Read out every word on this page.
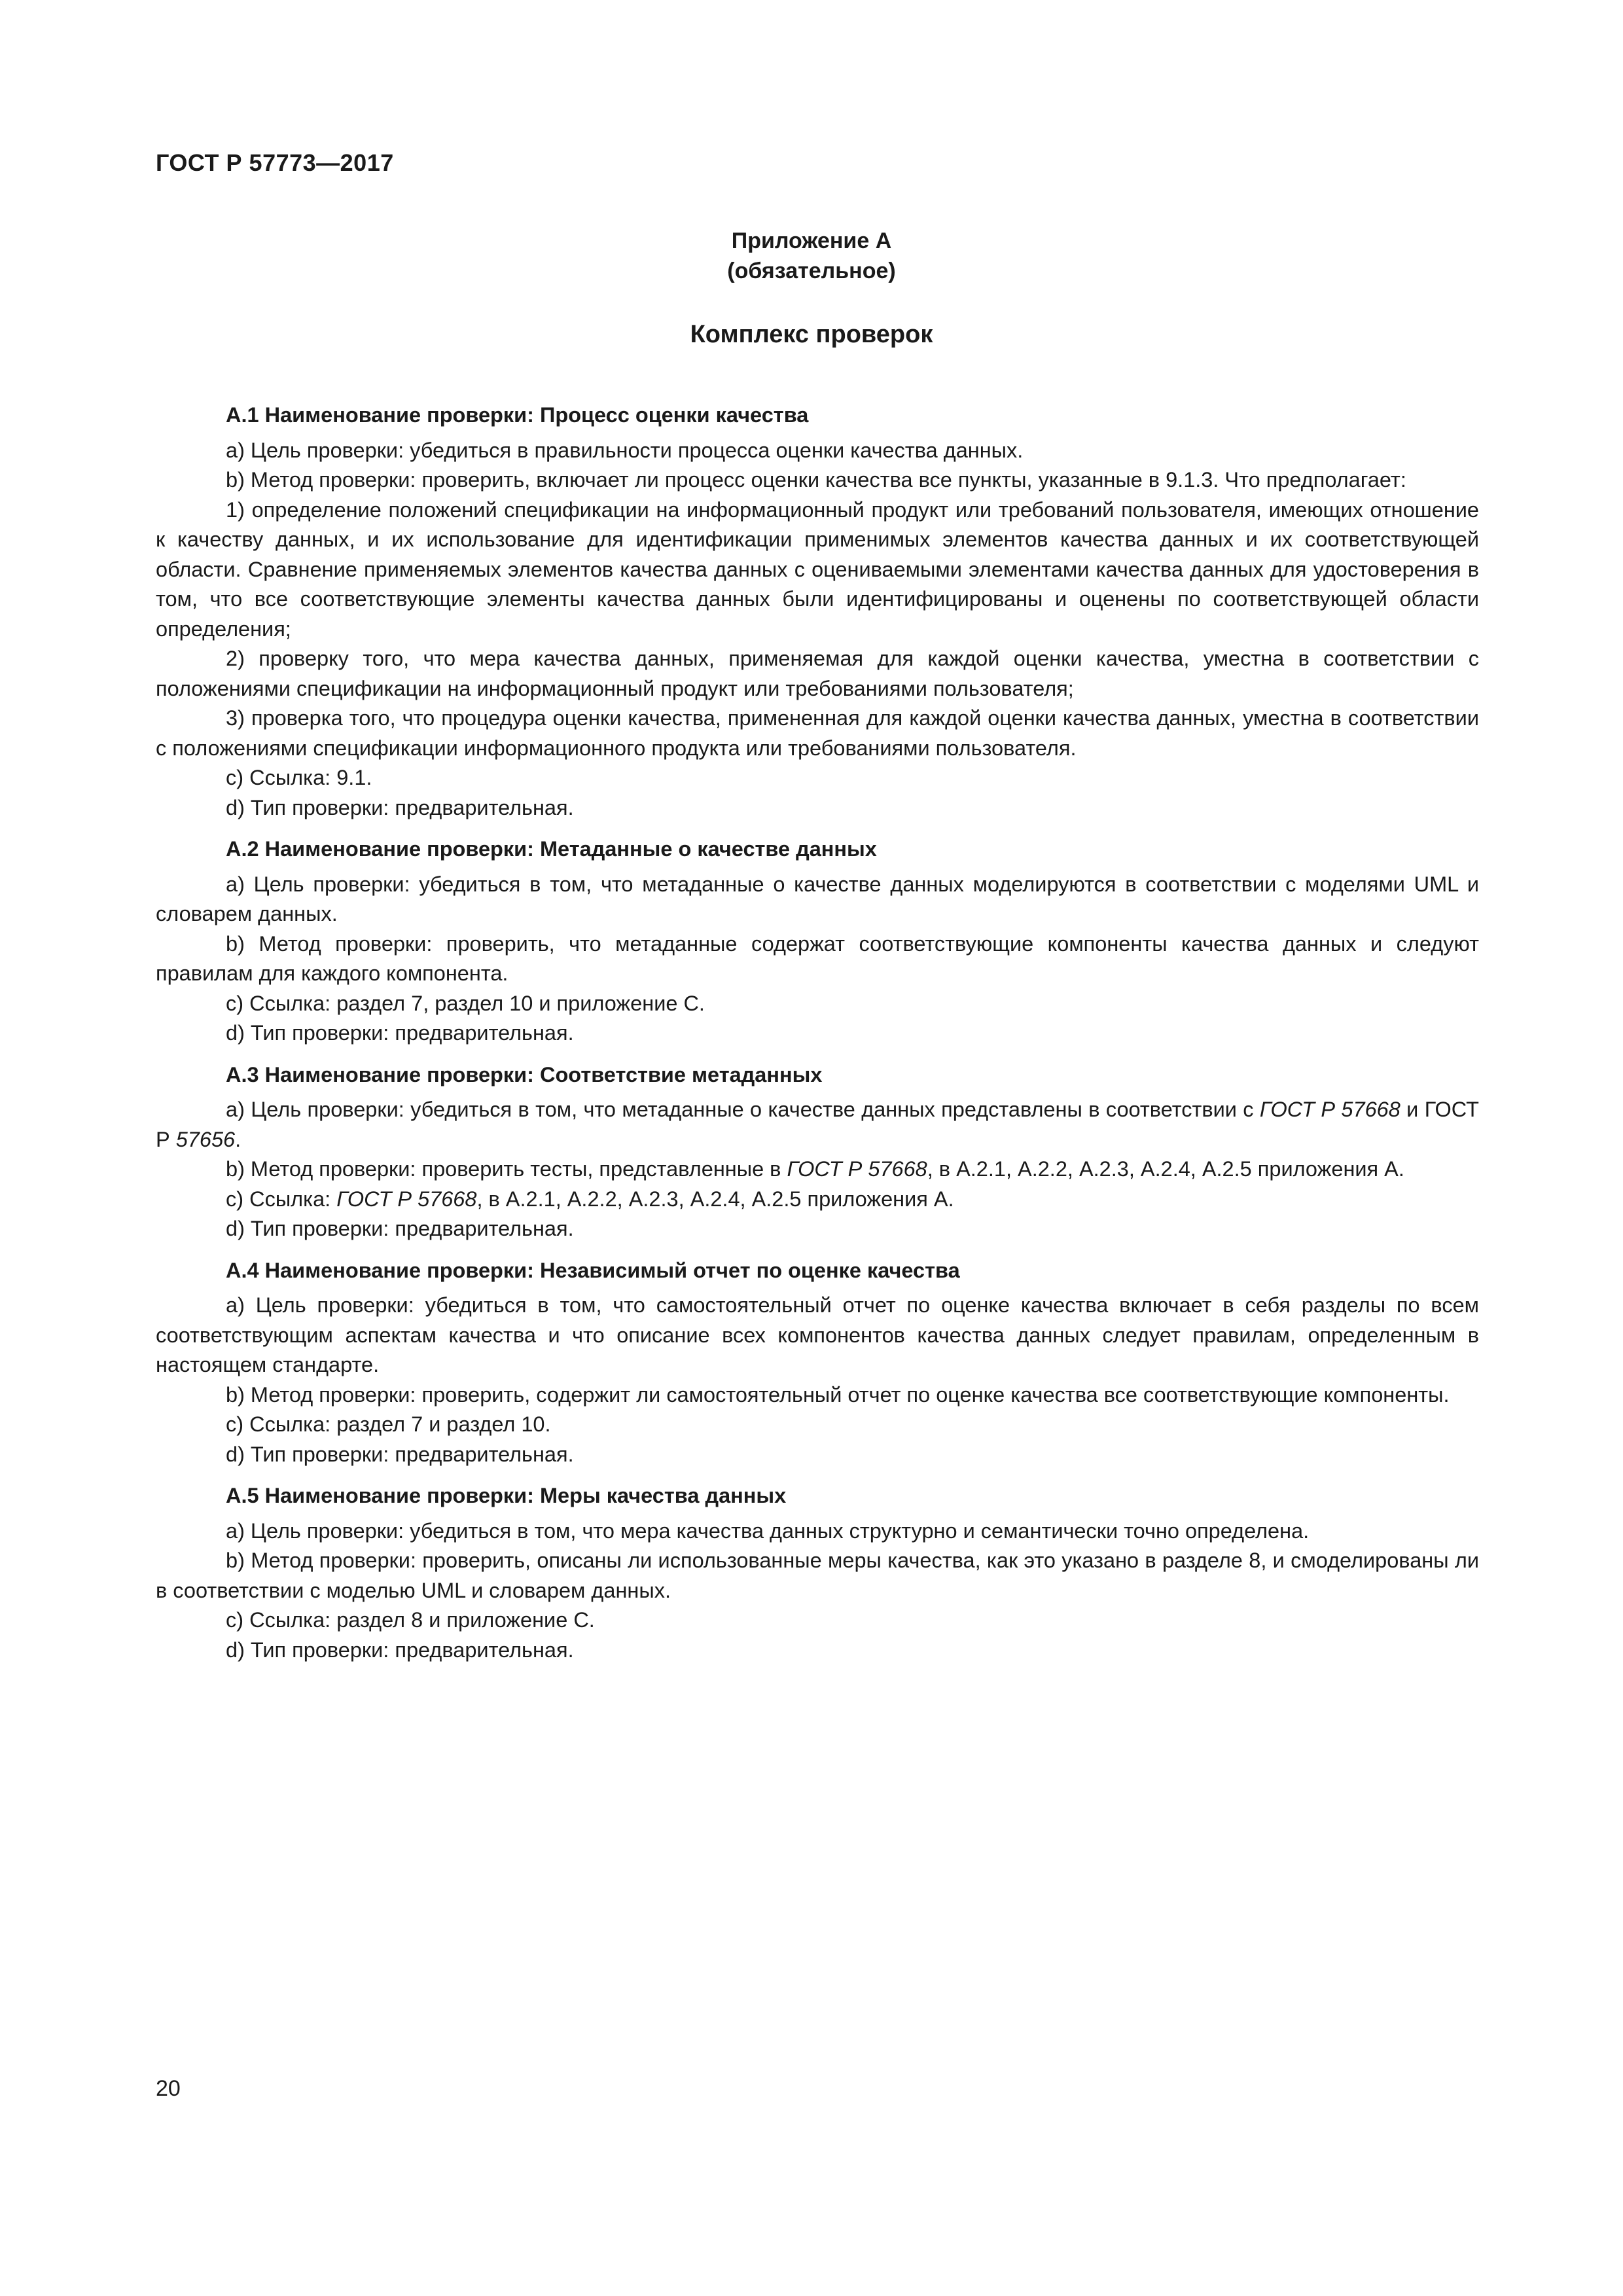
ГОСТ Р 57773—2017
Приложение А
(обязательное)
Комплекс проверок
А.1 Наименование проверки: Процесс оценки качества

а) Цель проверки: убедиться в правильности процесса оценки качества данных.

b) Метод проверки: проверить, включает ли процесс оценки качества все пункты, указанные в 9.1.3. Что предполагает:

1) определение положений спецификации на информационный продукт или требований пользователя, имеющих отношение к качеству данных, и их использование для идентификации применимых элементов качества данных и их соответствующей области. Сравнение применяемых элементов качества данных с оцениваемыми элементами качества данных для удостоверения в том, что все соответствующие элементы качества данных были идентифицированы и оценены по соответствующей области определения;

2) проверку того, что мера качества данных, применяемая для каждой оценки качества, уместна в соответствии с положениями спецификации на информационный продукт или требованиями пользователя;

3) проверка того, что процедура оценки качества, примененная для каждой оценки качества данных, уместна в соответствии с положениями спецификации информационного продукта или требованиями пользователя.

c) Ссылка: 9.1.

d) Тип проверки: предварительная.

А.2 Наименование проверки: Метаданные о качестве данных

а) Цель проверки: убедиться в том, что метаданные о качестве данных моделируются в соответствии с моделями UML и словарем данных.

b) Метод проверки: проверить, что метаданные содержат соответствующие компоненты качества данных и следуют правилам для каждого компонента.

c) Ссылка: раздел 7, раздел 10 и приложение С.

d) Тип проверки: предварительная.

А.3 Наименование проверки: Соответствие метаданных

а) Цель проверки: убедиться в том, что метаданные о качестве данных представлены в соответствии с ГОСТ Р 57668 и ГОСТ Р 57656.

b) Метод проверки: проверить тесты, представленные в ГОСТ Р 57668, в А.2.1, А.2.2, А.2.3, А.2.4, А.2.5 приложения А.

c) Ссылка: ГОСТ Р 57668, в А.2.1, А.2.2, А.2.3, А.2.4, А.2.5 приложения А.

d) Тип проверки: предварительная.

А.4 Наименование проверки: Независимый отчет по оценке качества

а) Цель проверки: убедиться в том, что самостоятельный отчет по оценке качества включает в себя разделы по всем соответствующим аспектам качества и что описание всех компонентов качества данных следует правилам, определенным в настоящем стандарте.

b) Метод проверки: проверить, содержит ли самостоятельный отчет по оценке качества все соответствующие компоненты.

c) Ссылка: раздел 7 и раздел 10.

d) Тип проверки: предварительная.

А.5 Наименование проверки: Меры качества данных

а) Цель проверки: убедиться в том, что мера качества данных структурно и семантически точно определена.

b) Метод проверки: проверить, описаны ли использованные меры качества, как это указано в разделе 8, и смоделированы ли в соответствии с моделью UML и словарем данных.

c) Ссылка: раздел 8 и приложение С.

d) Тип проверки: предварительная.

20
